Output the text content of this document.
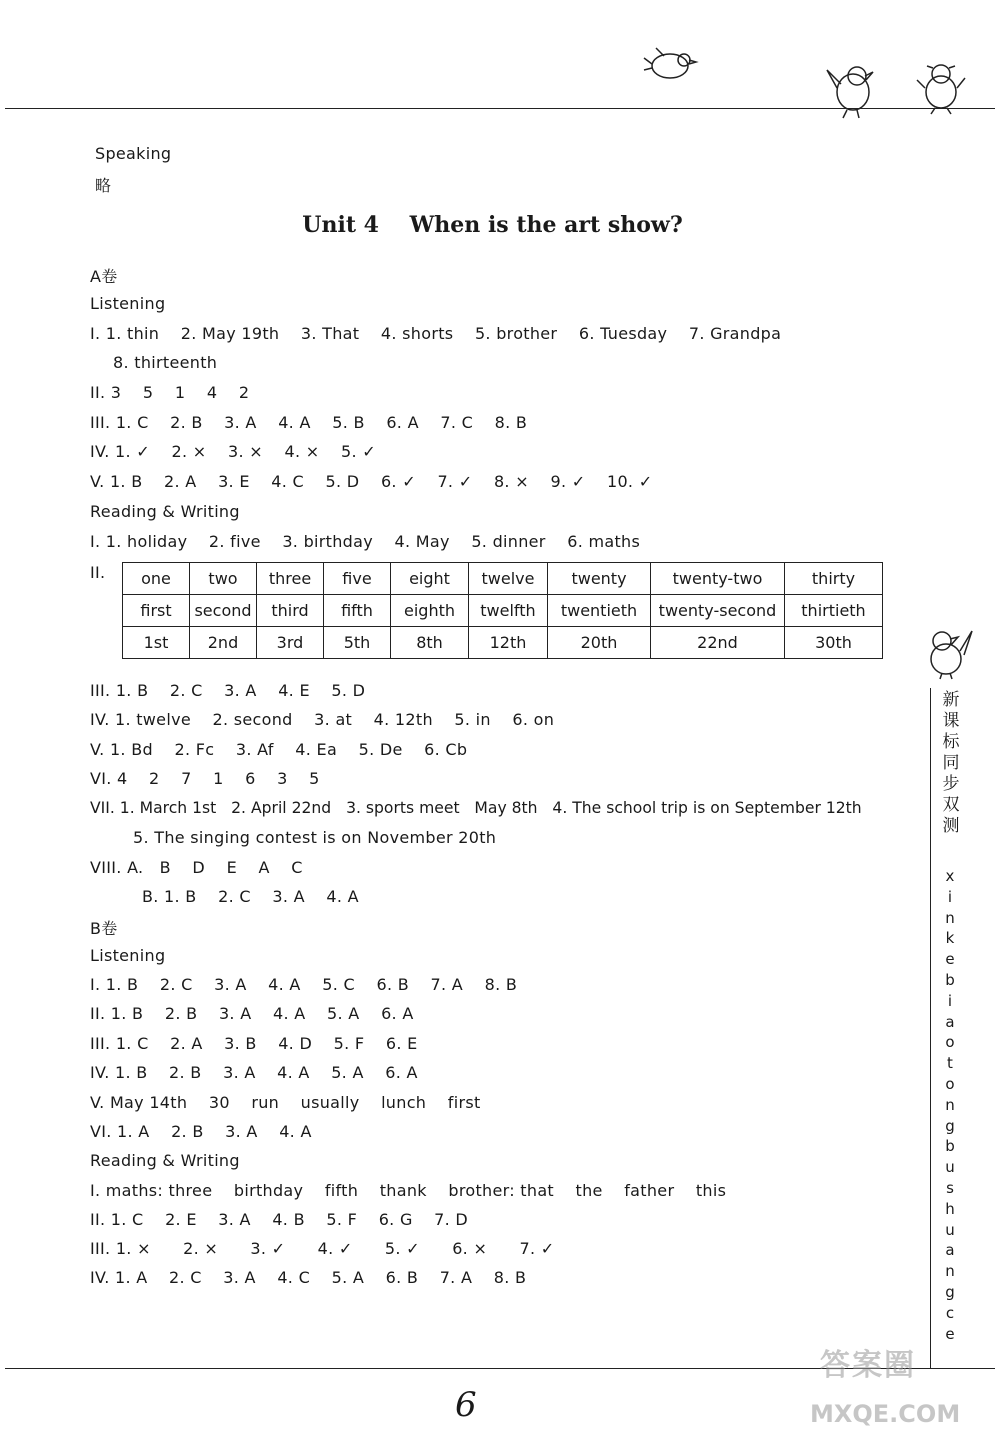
Speaking
略
Unit 4    When is the art show?
A卷
Listening
I. 1. thin    2. May 19th    3. That    4. shorts    5. brother    6. Tuesday    7. Grandpa
8. thirteenth
II. 3    5    1    4    2
III. 1. C    2. B    3. A    4. A    5. B    6. A    7. C    8. B
IV. 1. ✓    2. ×    3. ×    4. ×    5. ✓
V. 1. B    2. A    3. E    4. C    5. D    6. ✓    7. ✓    8. ×    9. ✓    10. ✓
Reading & Writing
I. 1. holiday    2. five    3. birthday    4. May    5. dinner    6. maths
II. one	two	three	five	eight	twelve	twenty	twenty-two	thirty
first	second	third	fifth	eighth	twelfth	twentieth	twenty-second	thirtieth
1st	2nd	3rd	5th	8th	12th	20th	22nd	30th
III. 1. B    2. C    3. A    4. E    5. D
IV. 1. twelve    2. second    3. at    4. 12th    5. in    6. on
V. 1. Bd    2. Fc    3. Af    4. Ea    5. De    6. Cb
VI. 4    2    7    1    6    3    5
VII. 1. March 1st   2. April 22nd   3. sports meet   May 8th   4. The school trip is on September 12th
5. The singing contest is on November 20th
VIII. A.   B    D    E    A    C
B. 1. B    2. C    3. A    4. A
B卷
Listening
I. 1. B    2. C    3. A    4. A    5. C    6. B    7. A    8. B
II. 1. B    2. B    3. A    4. A    5. A    6. A
III. 1. C    2. A    3. B    4. D    5. F    6. E
IV. 1. B    2. B    3. A    4. A    5. A    6. A
V. May 14th    30    run    usually    lunch    first
VI. 1. A    2. B    3. A    4. A
Reading & Writing
I. maths: three    birthday    fifth    thank    brother: that    the    father    this
II. 1. C    2. E    3. A    4. B    5. F    6. G    7. D
III. 1. ×      2. ×      3. ✓      4. ✓      5. ✓      6. ×      7. ✓
IV. 1. A    2. C    3. A    4. C    5. A    6. B    7. A    8. B
新
课
标
同
步
双
测
x
i
n
k
e
b
i
a
o
t
o
n
g
b
u
s
h
u
a
n
g
c
e
6
答案圈
MXQE.COM
